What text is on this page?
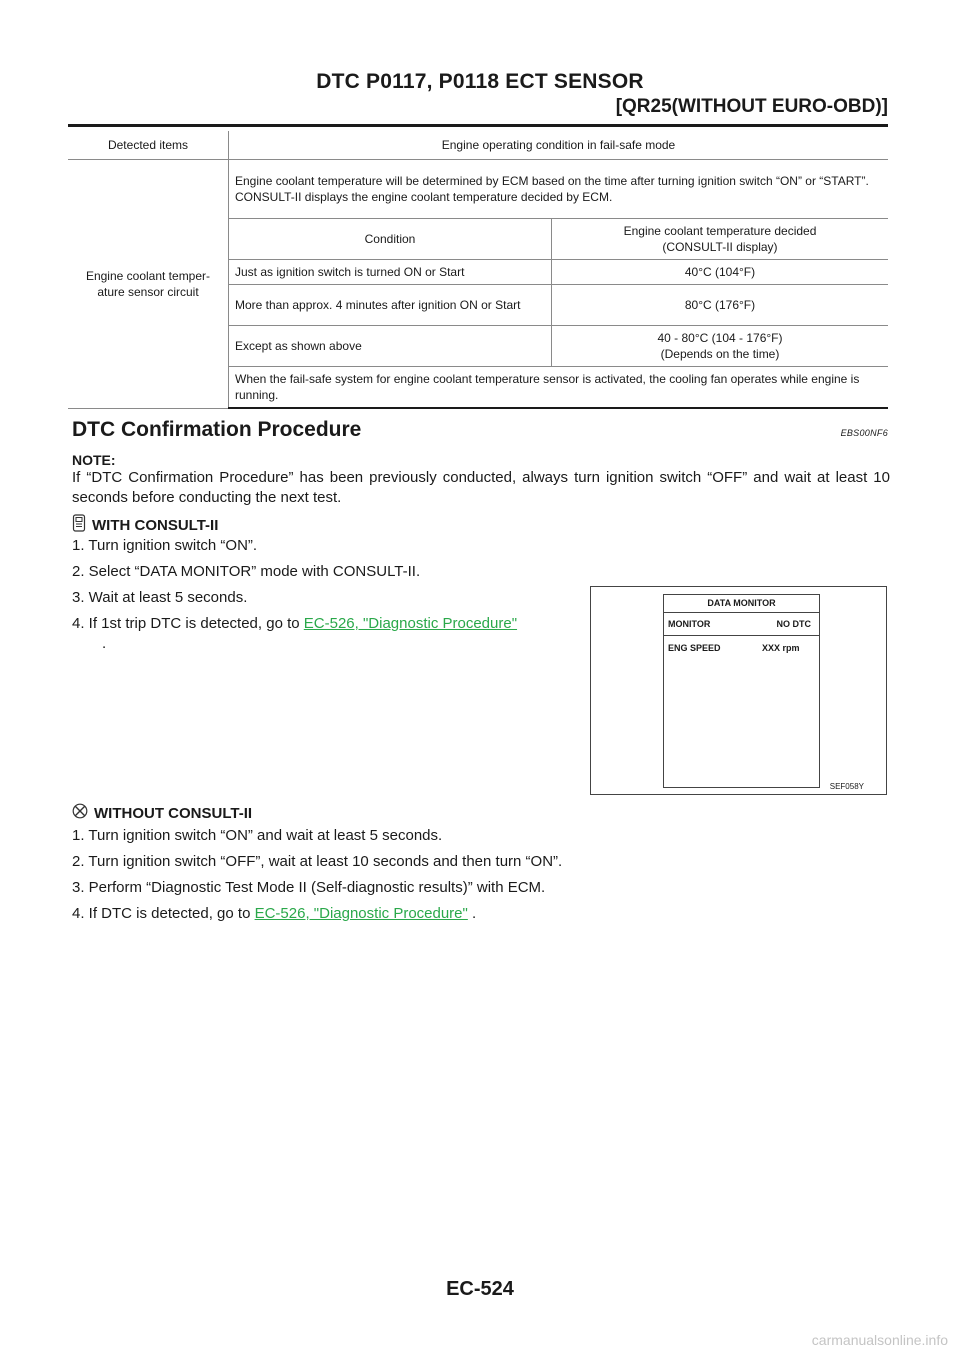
DTC P0117, P0118 ECT SENSOR
[QR25(WITHOUT EURO-OBD)]
Detected items	Engine operating condition in fail-safe mode	
Engine coolant temper-ature sensor circuit	Engine coolant temperature will be determined by ECM based on the time after turning ignition switch “ON” or “START”.
CONSULT-II displays the engine coolant temperature decided by ECM.	
	Condition	Engine coolant temperature decided (CONSULT-II display)
	Just as ignition switch is turned ON or Start	40°C (104°F)
	More than approx. 4 minutes after ignition ON or Start	80°C (176°F)
	Except as shown above	40 - 80°C (104 - 176°F)
(Depends on the time)
	When the fail-safe system for engine coolant temperature sensor is activated, the cooling fan operates while engine is running.	
DTC Confirmation Procedure	EBS00NF6
NOTE:
If “DTC Confirmation Procedure” has been previously conducted, always turn ignition switch “OFF” and wait at least 10 seconds before conducting the next test.
WITH CONSULT-II
1. Turn ignition switch “ON”.
2. Select “DATA MONITOR” mode with CONSULT-II.
3. Wait at least 5 seconds.
4. If 1st trip DTC is detected, go to EC-526, "Diagnostic Procedure"
.
DATA MONITOR
MONITOR	NO DTC
ENG SPEED	XXX rpm
SEF058Y
WITHOUT CONSULT-II
1. Turn ignition switch “ON” and wait at least 5 seconds.
2. Turn ignition switch “OFF”, wait at least 10 seconds and then turn “ON”.
3. Perform “Diagnostic Test Mode II (Self-diagnostic results)” with ECM.
4. If DTC is detected, go to EC-526, "Diagnostic Procedure" .
EC-524
carmanualsonline.info
